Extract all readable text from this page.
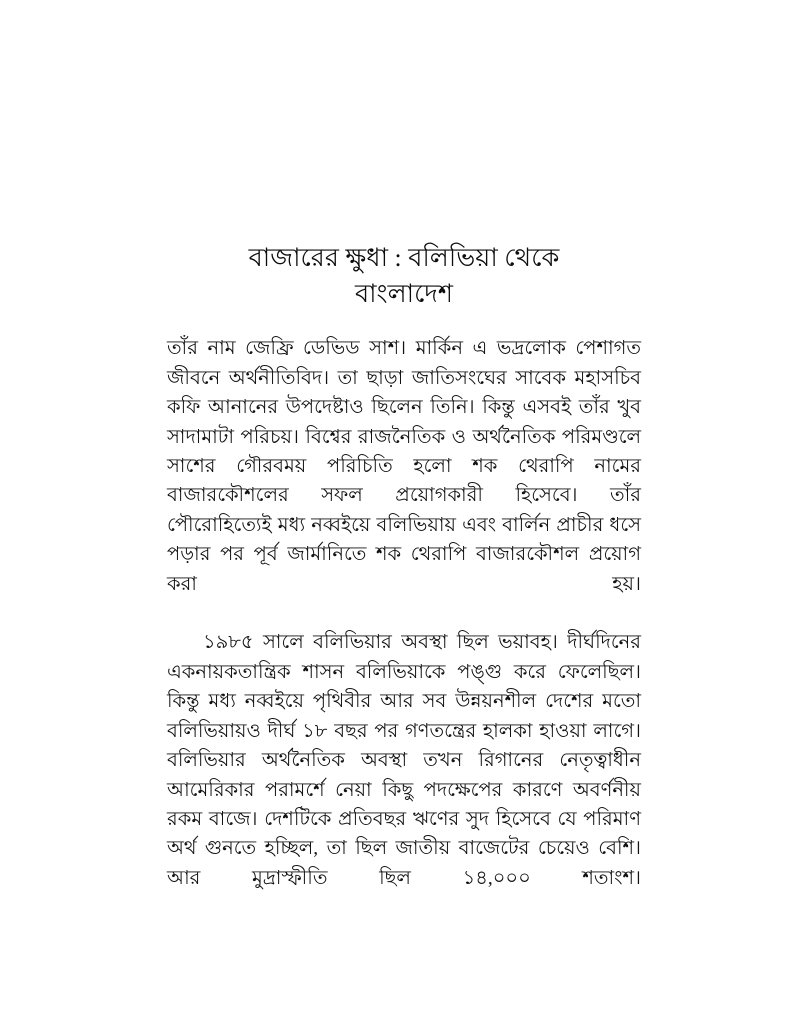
বাজারের ক্ষুধা : বলিভিয়া থেকে
বাংলাদেশ

তাঁর নাম জেফ্রি ডেভিড সাশ। মার্কিন এ ভদ্রলোক পেশাগত জীবনে অর্থনীতিবিদ। তা ছাড়া জাতিসংঘের সাবেক মহাসচিব কফি আনানের উপদেষ্টাও ছিলেন তিনি। কিন্তু এসবই তাঁর খুব সাদামাটা পরিচয়। বিশ্বের রাজনৈতিক ও অর্থনৈতিক পরিমণ্ডলে সাশের গৌরবময় পরিচিতি হলো শক থেরাপি নামের বাজারকৌশলের সফল প্রয়োগকারী হিসেবে। তাঁর পৌরোহিত্যেই মধ্য নব্বইয়ে বলিভিয়ায় এবং বার্লিন প্রাচীর ধসে পড়ার পর পূর্ব জার্মানিতে শক থেরাপি বাজারকৌশল প্রয়োগ করা হয়।

১৯৮৫ সালে বলিভিয়ার অবস্থা ছিল ভয়াবহ। দীর্ঘদিনের একনায়কতান্ত্রিক শাসন বলিভিয়াকে পঙ্গু করে ফেলেছিল। কিন্তু মধ্য নব্বইয়ে পৃথিবীর আর সব উন্নয়নশীল দেশের মতো বলিভিয়ায়ও দীর্ঘ ১৮ বছর পর গণতন্ত্রের হালকা হাওয়া লাগে। বলিভিয়ার অর্থনৈতিক অবস্থা তখন রিগানের নেতৃত্বাধীন আমেরিকার পরামর্শে নেয়া কিছু পদক্ষেপের কারণে অবর্ণনীয় রকম বাজে। দেশটিকে প্রতিবছর ঋণের সুদ হিসেবে যে পরিমাণ অর্থ গুনতে হচ্ছিল, তা ছিল জাতীয় বাজেটের চেয়েও বেশি। আর মুদ্রাস্ফীতি ছিল ১৪,০০০ শতাংশ।
